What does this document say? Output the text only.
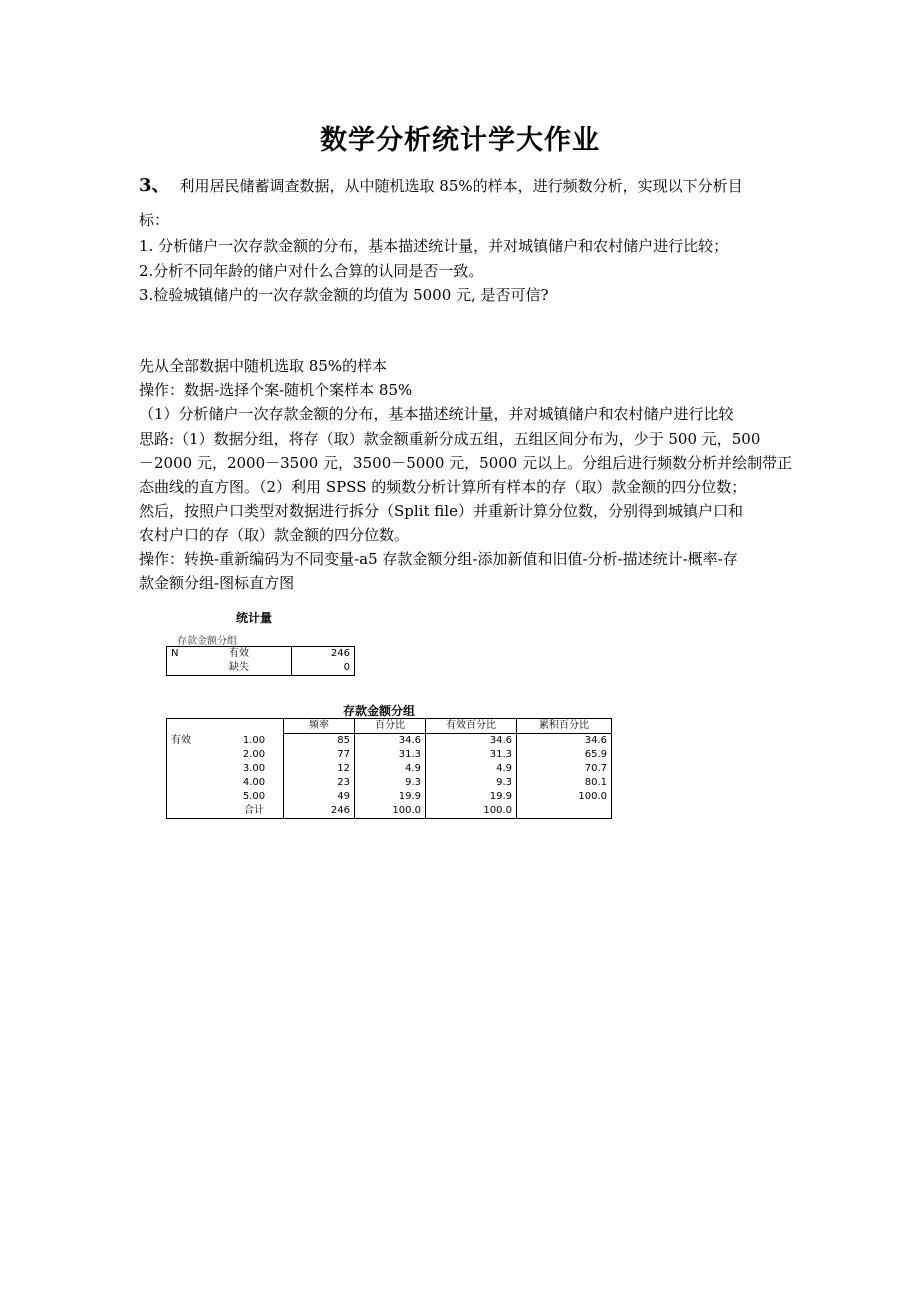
数学分析统计学大作业
3、 利用居民储蓄调查数据，从中随机选取 85%的样本，进行频数分析，实现以下分析目
标：
1. 分析储户一次存款金额的分布，基本描述统计量，并对城镇储户和农村储户进行比较；
2.分析不同年龄的储户对什么合算的认同是否一致。
3.检验城镇储户的一次存款金额的均值为 5000 元, 是否可信?
先从全部数据中随机选取 85%的样本
操作：数据-选择个案-随机个案样本 85%
（1）分析储户一次存款金额的分布，基本描述统计量，并对城镇储户和农村储户进行比较
思路:（1）数据分组，将存（取）款金额重新分成五组，五组区间分布为，少于 500 元，500
－2000 元，2000－3500 元，3500－5000 元，5000 元以上。分组后进行频数分析并绘制带正
态曲线的直方图。（2）利用 SPSS 的频数分析计算所有样本的存（取）款金额的四分位数；
然后，按照户口类型对数据进行拆分（Split file）并重新计算分位数，分别得到城镇户口和
农村户口的存（取）款金额的四分位数。
操作：转换-重新编码为不同变量-a5 存款金额分组-添加新值和旧值-分析-描述统计-概率-存
款金额分组-图标直方图
统计量
存款金额分组
N	有效	246
	缺失	0
存款金额分组
		频率	百分比	有效百分比	累积百分比
有效	1.00	85	34.6	34.6	34.6
	2.00	77	31.3	31.3	65.9
	3.00	12	4.9	4.9	70.7
	4.00	23	9.3	9.3	80.1
	5.00	49	19.9	19.9	100.0
	合计	246	100.0	100.0	
